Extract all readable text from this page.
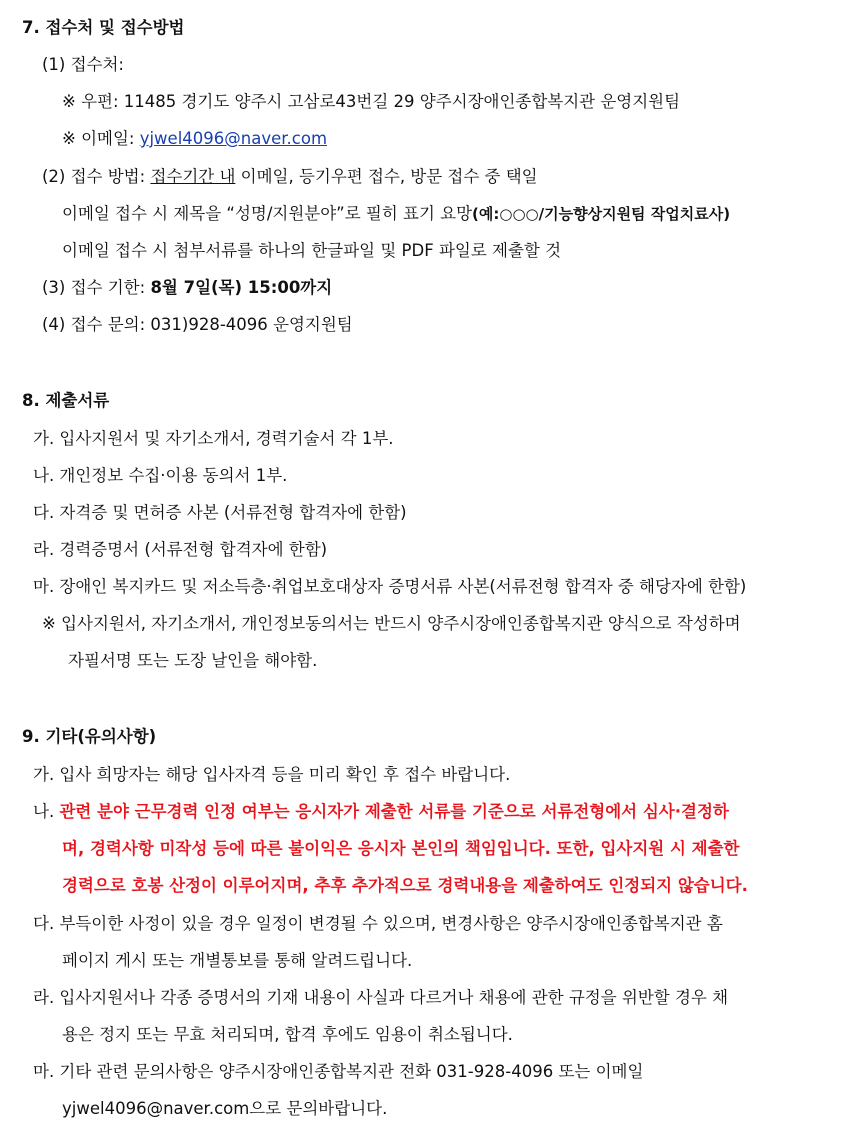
7. 접수처 및 접수방법
(1) 접수처:
※ 우편: 11485 경기도 양주시 고삼로43번길 29 양주시장애인종합복지관 운영지원팀
※ 이메일: yjwel4096@naver.com
(2) 접수 방법: 접수기간 내 이메일, 등기우편 접수, 방문 접수 중 택일
이메일 접수 시 제목을 “성명/지원분야”로 필히 표기 요망(예:○○○/기능향상지원팀 작업치료사)
이메일 접수 시 첨부서류를 하나의 한글파일 및 PDF 파일로 제출할 것
(3) 접수 기한: 8월 7일(목) 15:00까지
(4) 접수 문의: 031)928-4096 운영지원팀
8. 제출서류
가. 입사지원서 및 자기소개서, 경력기술서 각 1부.
나. 개인정보 수집·이용 동의서 1부.
다. 자격증 및 면허증 사본 (서류전형 합격자에 한함)
라. 경력증명서 (서류전형 합격자에 한함)
마. 장애인 복지카드 및 저소득층·취업보호대상자 증명서류 사본(서류전형 합격자 중 해당자에 한함)
※ 입사지원서, 자기소개서, 개인정보동의서는 반드시 양주시장애인종합복지관 양식으로 작성하며
자필서명 또는 도장 날인을 해야함.
9. 기타(유의사항)
가. 입사 희망자는 해당 입사자격 등을 미리 확인 후 접수 바랍니다.
나. 관련 분야 근무경력 인정 여부는 응시자가 제출한 서류를 기준으로 서류전형에서 심사·결정하
며, 경력사항 미작성 등에 따른 불이익은 응시자 본인의 책임입니다. 또한, 입사지원 시 제출한
경력으로 호봉 산정이 이루어지며, 추후 추가적으로 경력내용을 제출하여도 인정되지 않습니다.
다. 부득이한 사정이 있을 경우 일정이 변경될 수 있으며, 변경사항은 양주시장애인종합복지관 홈
페이지 게시 또는 개별통보를 통해 알려드립니다.
라. 입사지원서나 각종 증명서의 기재 내용이 사실과 다르거나 채용에 관한 규정을 위반할 경우 채
용은 정지 또는 무효 처리되며, 합격 후에도 임용이 취소됩니다.
마. 기타 관련 문의사항은 양주시장애인종합복지관 전화 031-928-4096 또는 이메일
yjwel4096@naver.com으로 문의바랍니다.
